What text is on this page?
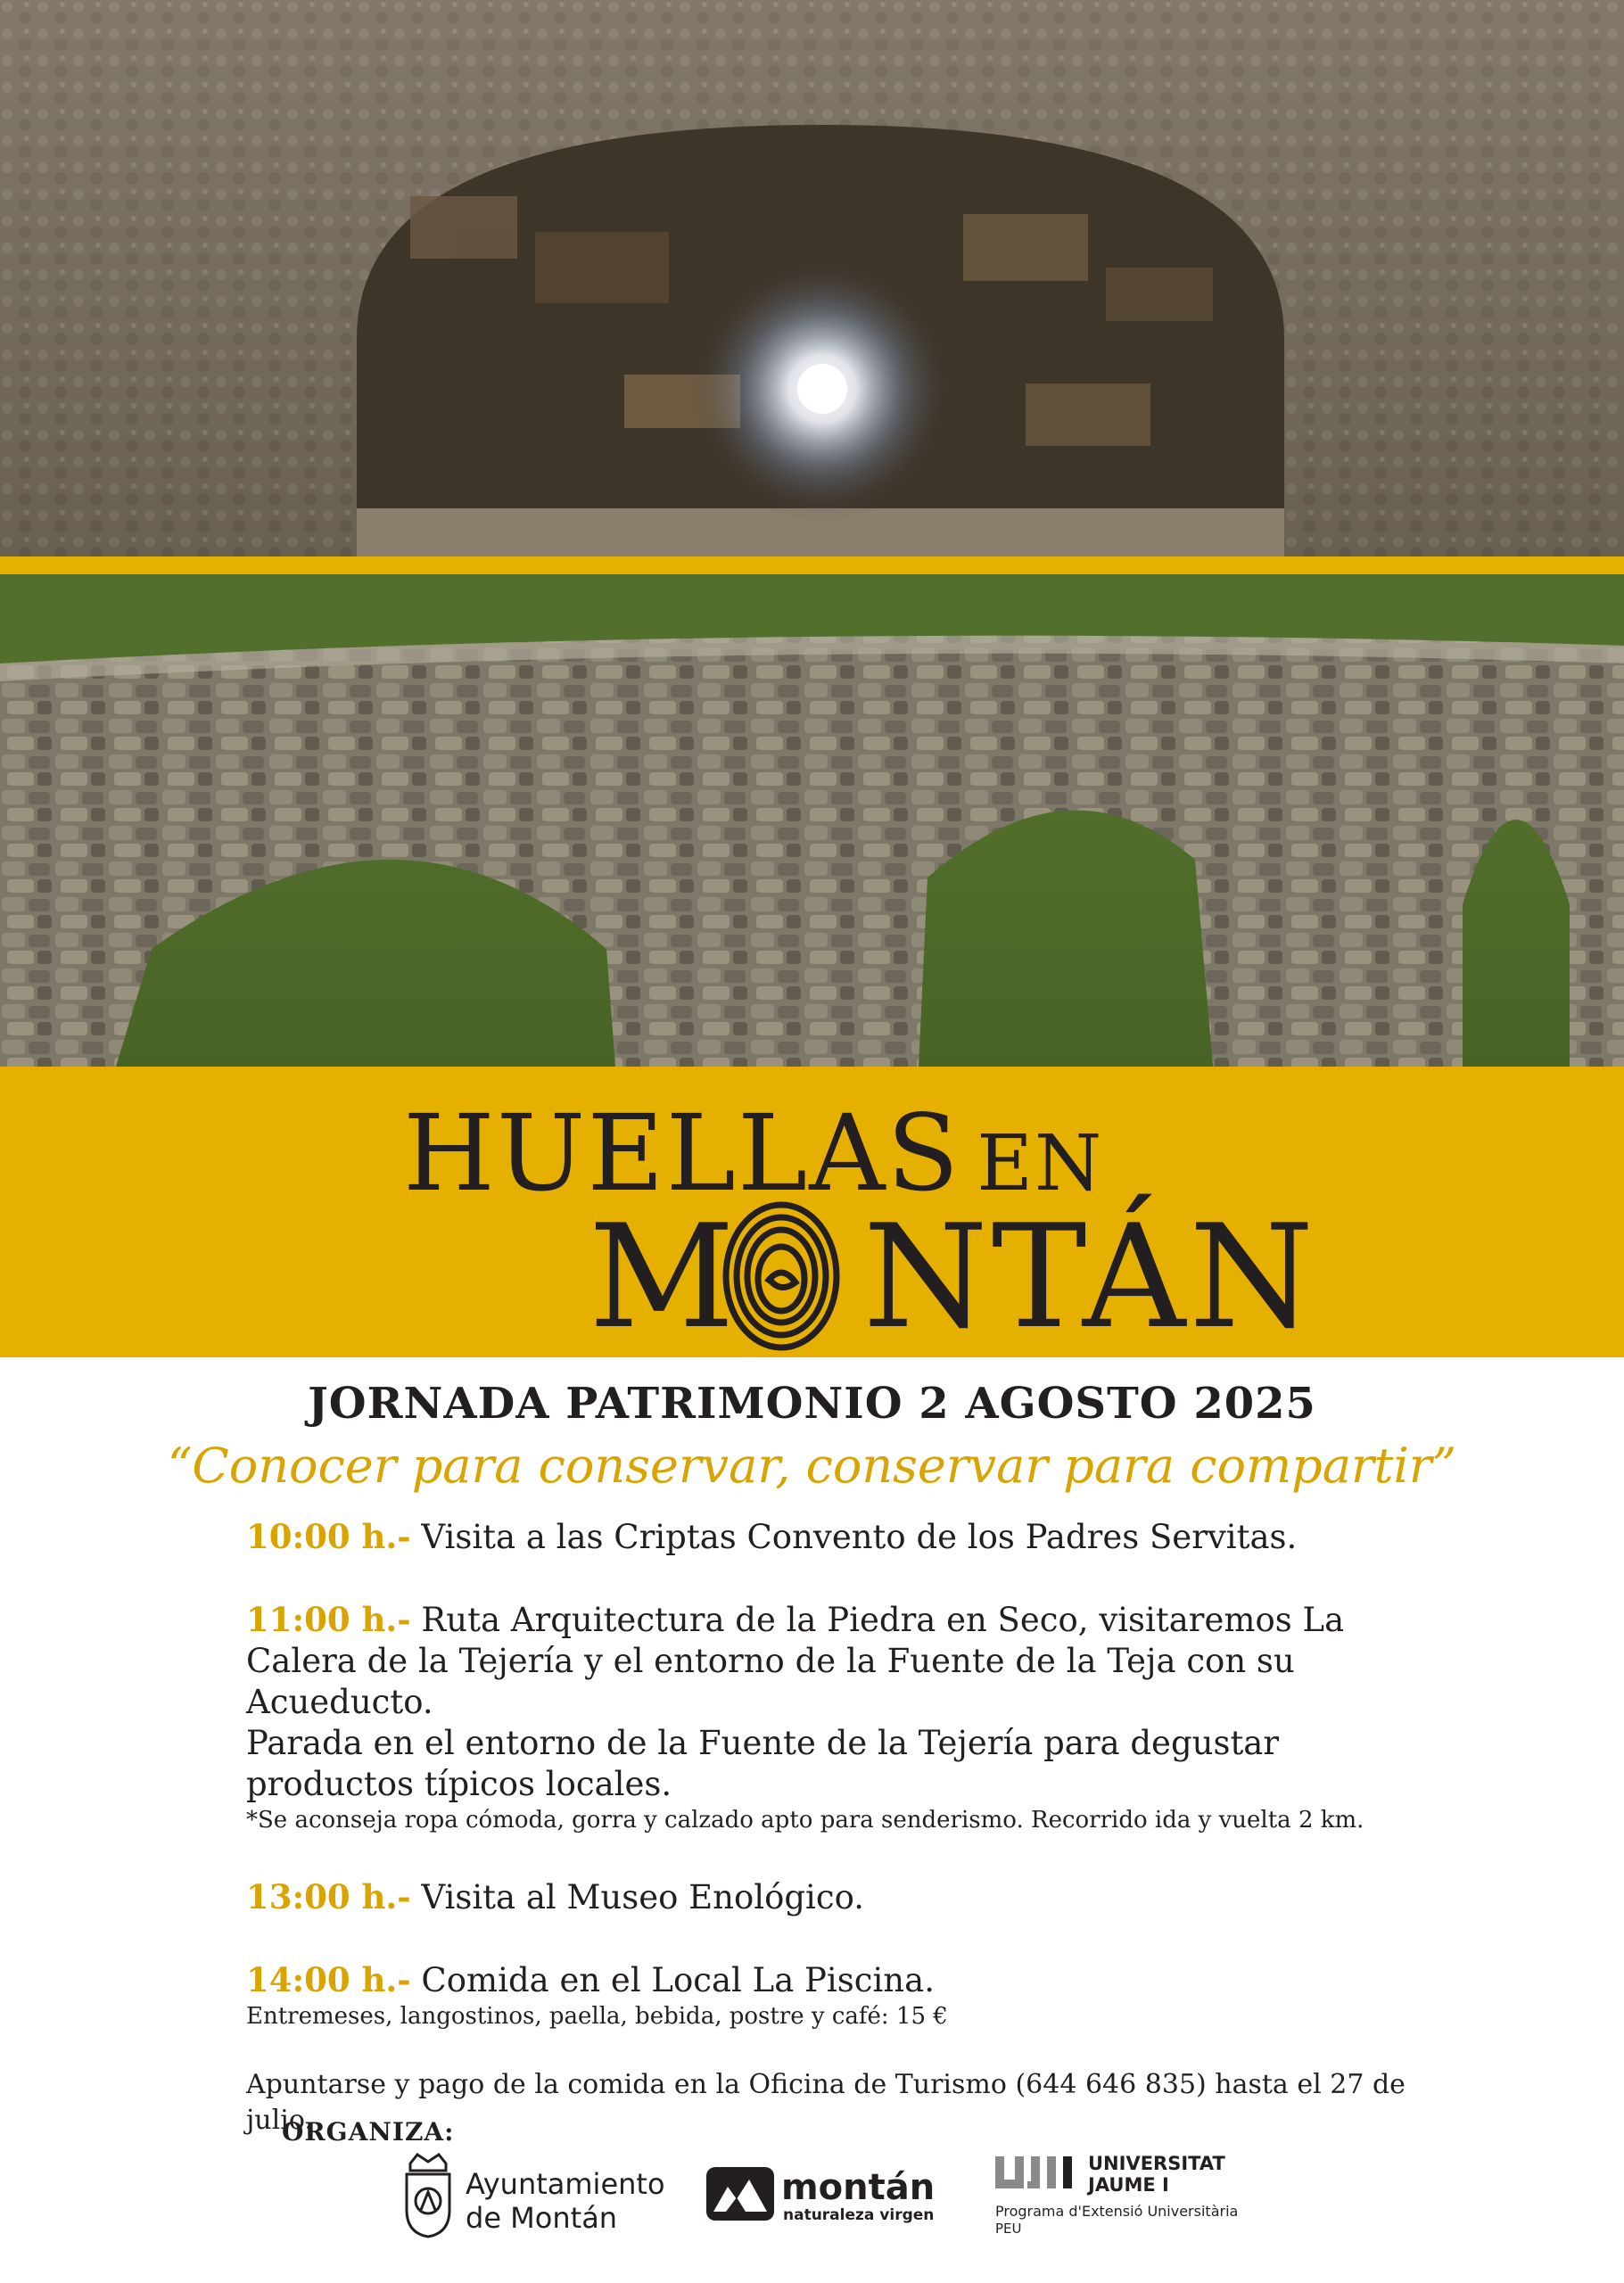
HUELLAS EN
M NTÁN
JORNADA PATRIMONIO 2 AGOSTO 2025
“Conocer para conservar, conservar para compartir”

10:00 h.- Visita a las Criptas Convento de los Padres Servitas.

11:00 h.- Ruta Arquitectura de la Piedra en Seco, visitaremos La Calera de la Tejería y el entorno de la Fuente de la Teja con su Acueducto.

Parada en el entorno de la Fuente de la Tejería para degustar productos típicos locales.

*Se aconseja ropa cómoda, gorra y calzado apto para senderismo. Recorrido ida y vuelta 2 km.

13:00 h.- Visita al Museo Enológico.

14:00 h.- Comida en el Local La Piscina.

Entremeses, langostinos, paella, bebida, postre y café: 15 €

Apuntarse y pago de la comida en la Oficina de Turismo (644 646 835) hasta el 27 de julio.

ORGANIZA:
Ayuntamiento
de Montán
montán
naturaleza virgen
UNIVERSITAT
JAUME I
Programa d'Extensió Universitària
PEU
